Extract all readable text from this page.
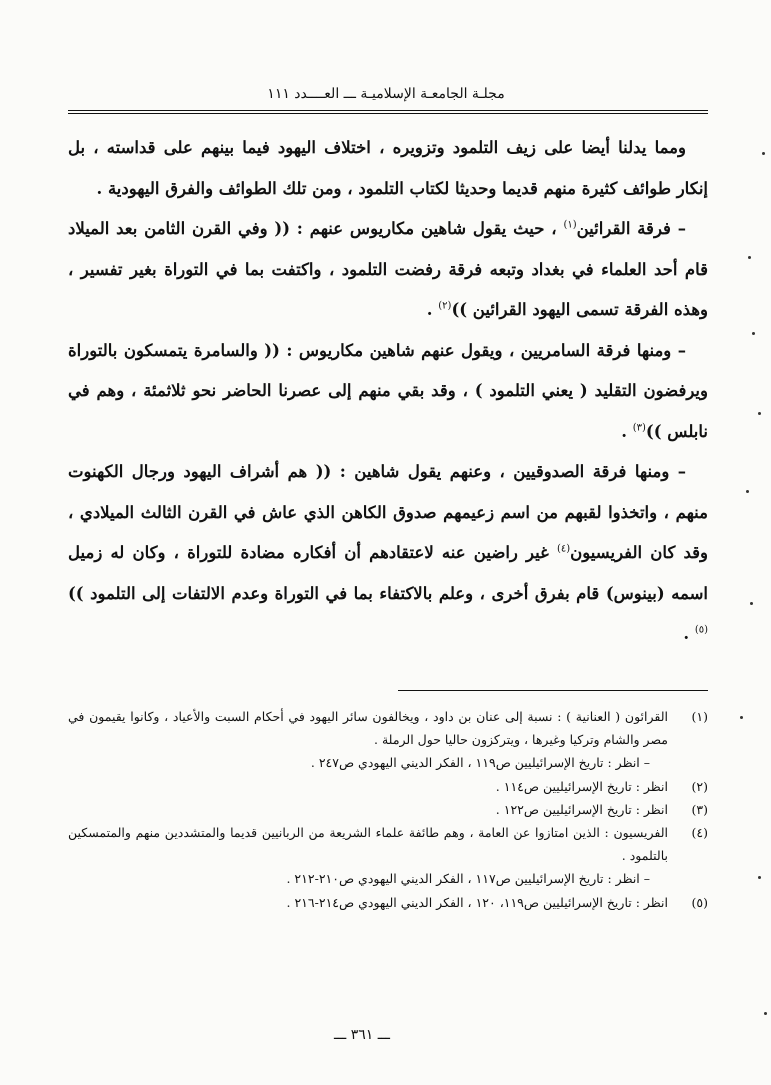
مجلـة الجامعـة الإسلاميـة ـــ العــــدد ١١١

ومما يدلنا أيضا على زيف التلمود وتزويره ، اختلاف اليهود فيما بينهم على قداسته ، بل إنكار طوائف كثيرة منهم قديما وحديثا لكتاب التلمود ، ومن تلك الطوائف والفرق اليهودية .

– فرقة القرائين$^{(١)}$ ، حيث يقول شاهين مكاريوس عنهم : (( وفي القرن الثامن بعد الميلاد قام أحد العلماء في بغداد وتبعه فرقة رفضت التلمود ، واكتفت بما في التوراة بغير تفسير ، وهذه الفرقة تسمى اليهود القرائين ))$^{(٢)}$ .

– ومنها فرقة السامريين ، ويقول عنهم شاهين مكاريوس : (( والسامرة يتمسكون بالتوراة ويرفضون التقليد ( يعني التلمود ) ، وقد بقي منهم إلى عصرنا الحاضر نحو ثلاثمئة ، وهم في نابلس ))$^{(٣)}$ .

– ومنها فرقة الصدوقيين ، وعنهم يقول شاهين : (( هم أشراف اليهود ورجال الكهنوت منهم ، واتخذوا لقبهم من اسم زعيمهم صدوق الكاهن الذي عاش في القرن الثالث الميلادي ، وقد كان الفريسيون$^{(٤)}$ غير راضين عنه لاعتقادهم أن أفكاره مضادة للتوراة ، وكان له زميل اسمه (بينوس) قام بفرق أخرى ، وعلم بالاكتفاء بما في التوراة وعدم الالتفات إلى التلمود ))$^{(٥)}$ .

(١)
القرائون ( العنانية ) : نسبة إلى عنان بن داود ، ويخالفون سائر اليهود في أحكام السبت والأعياد ، وكانوا يقيمون في مصر والشام وتركيا وغيرها ، ويتركزون حاليا حول الرملة .

– انظر : تاريخ الإسرائيليين ص١١٩ ، الفكر الديني اليهودي ص٢٤٧ .

(٢)
انظر : تاريخ الإسرائيليين ص١١٤ .

(٣)
انظر : تاريخ الإسرائيليين ص١٢٢ .

(٤)
الفريسيون : الذين امتازوا عن العامة ، وهم طائفة علماء الشريعة من الربانيين قديما والمتشددين منهم والمتمسكين بالتلمود .

– انظر : تاريخ الإسرائيليين ص١١٧ ، الفكر الديني اليهودي ص٢١٠-٢١٢ .

(٥)
انظر : تاريخ الإسرائيليين ص١١٩، ١٢٠ ، الفكر الديني اليهودي ص٢١٤-٢١٦ .

ـــ ٣٦١ ـــ
